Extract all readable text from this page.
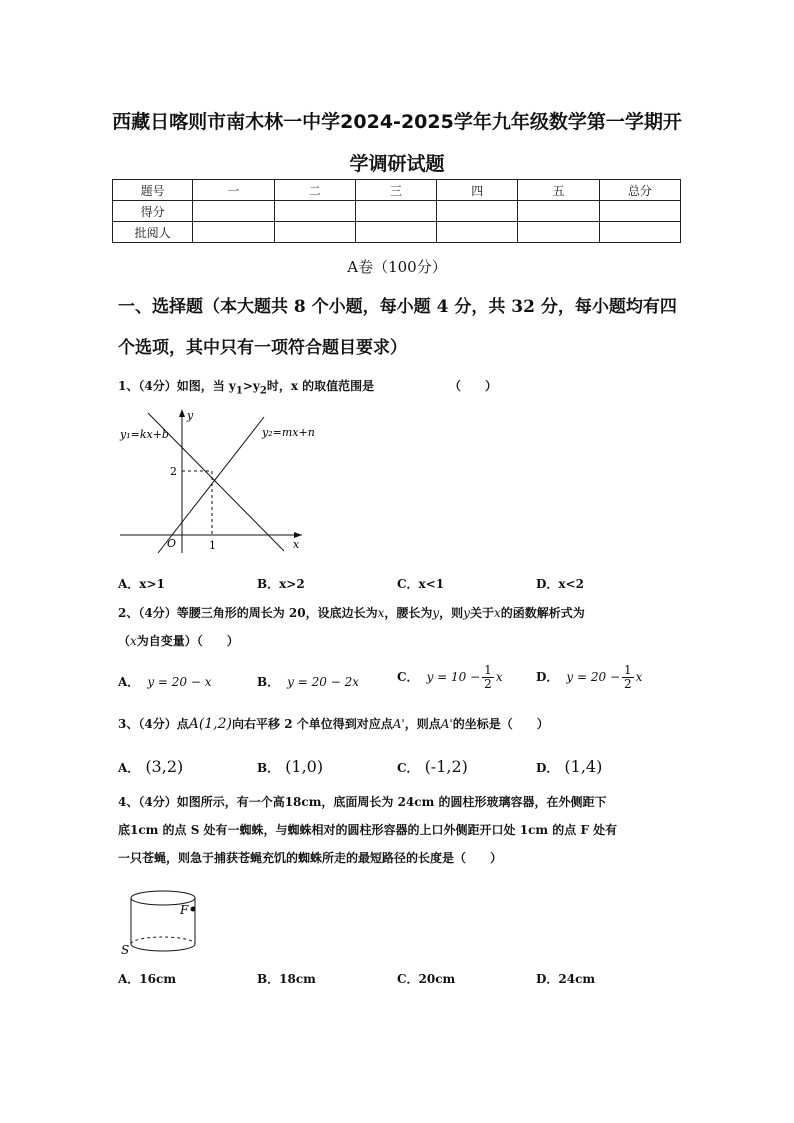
西藏日喀则市南木林一中学2024-2025学年九年级数学第一学期开
学调研试题
题号	一	二	三	四	五	总分
得分						
批阅人						
A卷（100分）
一、选择题（本大题共 8 个小题，每小题 4 分，共 32 分，每小题均有四个选项，其中只有一项符合题目要求）
1、（4分）如图，当 $y_1>y_2$时，x 的取值范围是	（　　）
y₁=kx+b	y₂=mx+n
y
x
O	1
2
A．x>1	B．x>2	C．x<1	D．x<2
2、（4分）等腰三角形的周长为 20，设底边长为x，腰长为y，则y关于x的函数解析式为
（x为自变量）（　　）
A． y = 20 − x	B． y = 20 − 2x	C． $y = 10 - \frac{1}{2}$ x	D． $y = 20 - \frac{1}{2}$ x
3、（4分）点A(1,2)向右平移 2 个单位得到对应点A'，则点A'的坐标是（　　）
A． (3,2)	B． (1,0)	C． (-1,2)	D． (1,4)
4、（4分）如图所示，有一个高18cm，底面周长为 24cm 的圆柱形玻璃容器，在外侧距下
底1cm 的点 S 处有一蜘蛛，与蜘蛛相对的圆柱形容器的上口外侧距开口处 1cm 的点 F 处有
一只苍蝇，则急于捕获苍蝇充饥的蜘蛛所走的最短路径的长度是（　　）
F
S
A．16cm	B．18cm	C．20cm	D．24cm
